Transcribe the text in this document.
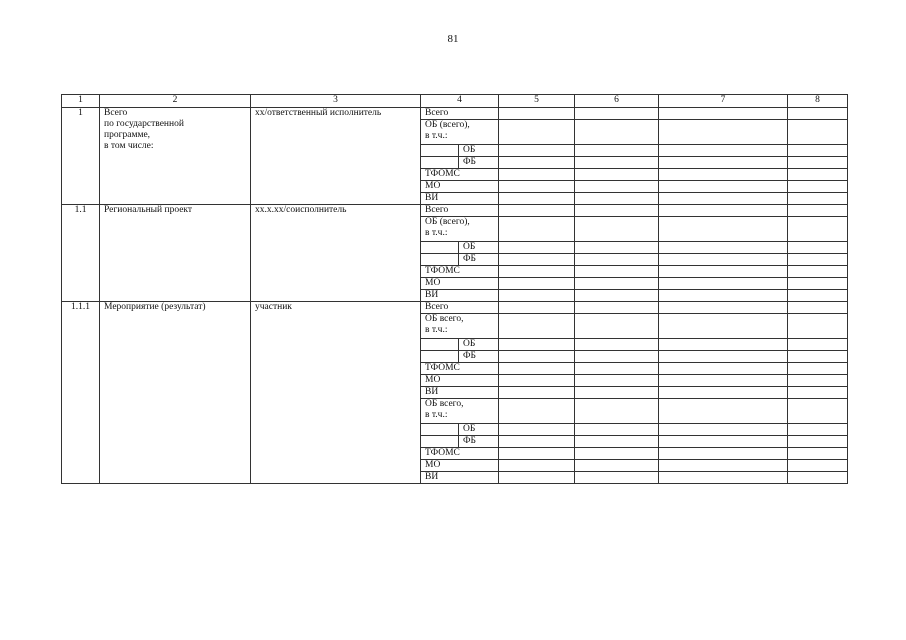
81
1	2	3	4		5	6	7	8
1	Всего
по государственной
программе,
в том числе:	хх/ответственный исполнитель	Всего					

			ОБ (всего),
в т.ч.:					

				ОБ				
				ФБ				
			ТФОМС					
			МО					
			ВИ					
1.1	Региональный проект	хх.х.хх/соисполнитель	Всего					

			ОБ (всего),
в т.ч.:					

				ОБ				
				ФБ				
			ТФОМС					
			МО					
			ВИ					
1.1.1	Мероприятие (результат)	участник	Всего					

			ОБ всего,
в т.ч.:					

				ОБ				
				ФБ				
			ТФОМС					
			МО					
			ВИ					

			ОБ всего,
в т.ч.:					

				ОБ				
				ФБ				
			ТФОМС					
			МО					
			ВИ					
